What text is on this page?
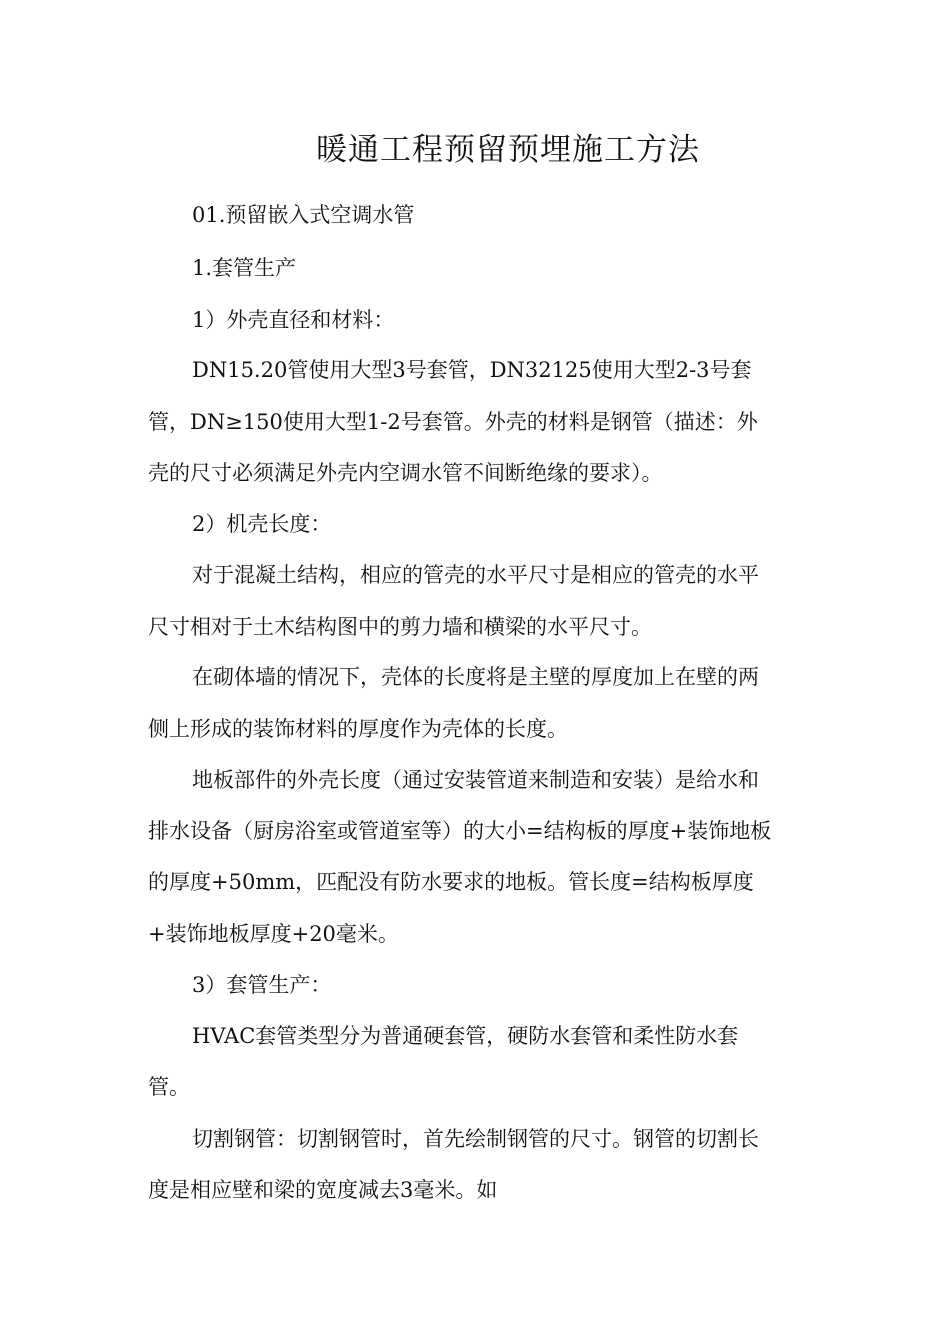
暖通工程预留预埋施工方法

01.预留嵌入式空调水管

1.套管生产

1）外壳直径和材料：

DN15.20管使用大型3号套管，DN32125使用大型2-3号套

管，DN≥150使用大型1-2号套管。外壳的材料是钢管（描述：外

壳的尺寸必须满足外壳内空调水管不间断绝缘的要求）。

2）机壳长度：

对于混凝土结构，相应的管壳的水平尺寸是相应的管壳的水平

尺寸相对于土木结构图中的剪力墙和横梁的水平尺寸。

在砌体墙的情况下，壳体的长度将是主壁的厚度加上在壁的两

侧上形成的装饰材料的厚度作为壳体的长度。

地板部件的外壳长度（通过安装管道来制造和安装）是给水和

排水设备（厨房浴室或管道室等）的大小=结构板的厚度+装饰地板

的厚度+50mm，匹配没有防水要求的地板。管长度=结构板厚度

+装饰地板厚度+20毫米。

3）套管生产：

HVAC套管类型分为普通硬套管，硬防水套管和柔性防水套

管。

切割钢管：切割钢管时，首先绘制钢管的尺寸。钢管的切割长

度是相应壁和梁的宽度减去3毫米。如
